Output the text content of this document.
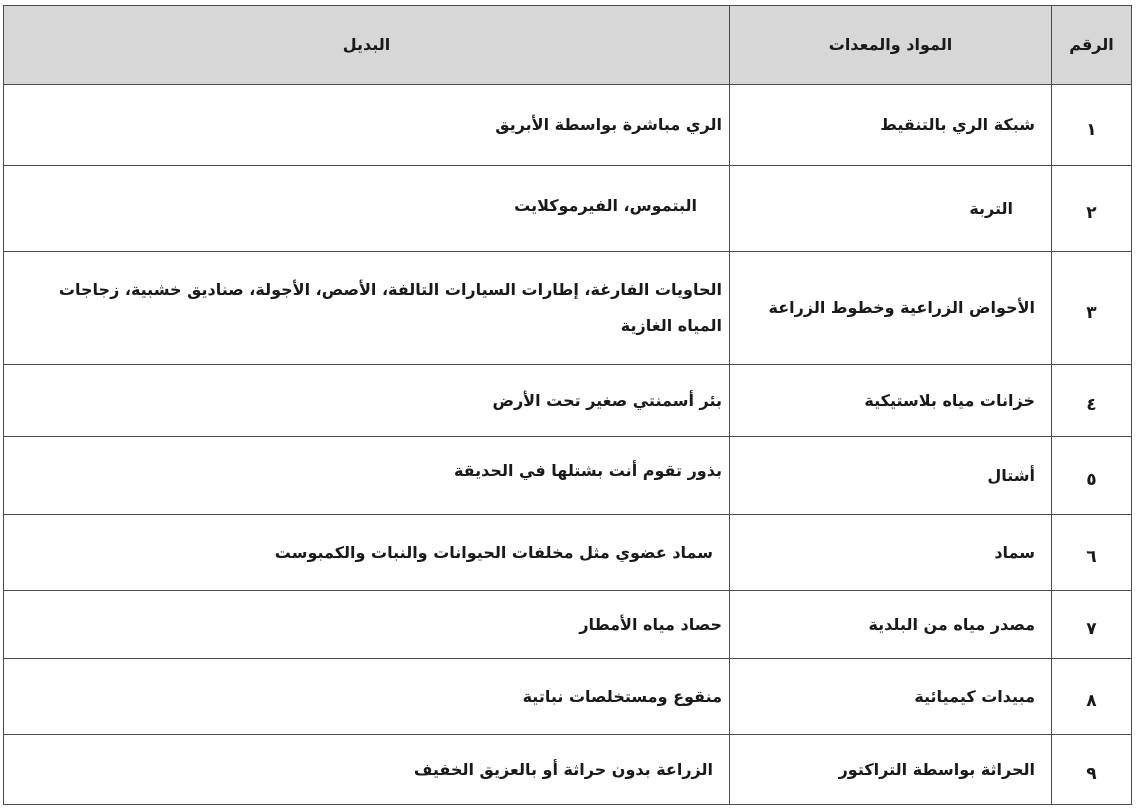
الرقم	المواد والمعدات	البديل
١	شبكة الري بالتنقيط	الري مباشرة بواسطة الأبريق
٢	التربة	البتموس، الفيرموكلايت
٣	الأحواض الزراعية وخطوط الزراعة	الحاويات الفارغة، إطارات السيارات التالفة، الأصص، الأجولة، صناديق خشبية، زجاجات المياه الغازية
٤	خزانات مياه بلاستيكية	بئر أسمنتي صغير تحت الأرض
٥	أشتال	بذور تقوم أنت بشتلها في الحديقة
٦	سماد	سماد عضوي مثل مخلفات الحيوانات والنبات والكمبوست
٧	مصدر مياه من البلدية	حصاد مياه الأمطار
٨	مبيدات كيميائية	منقوع ومستخلصات نباتية
٩	الحراثة بواسطة التراكتور	الزراعة بدون حراثة أو بالعزيق الخفيف
